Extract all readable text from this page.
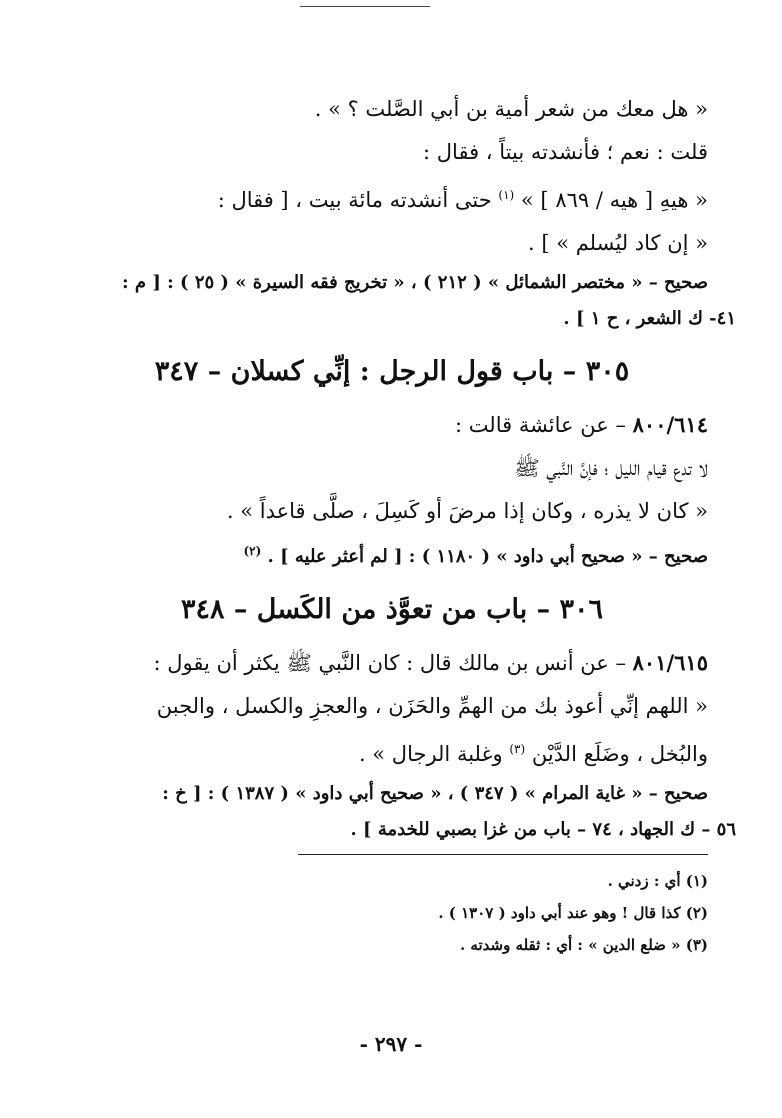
« هل معك من شعر أمية بن أبي الصَّلت ؟ » .
قلت : نعم ؛ فأنشدته بيتاً ، فقال :
« هيهِ [ هيه / ٨٦٩ ] » $^{(١)}$ حتى أنشدته مائة بيت ، [ فقال :
« إن كاد ليُسلم » ] .
صحيح – « مختصر الشمائل » ( ٢١٢ ) ، « تخريج فقه السيرة » ( ٢٥ ) : [ م :
٤١- ك الشعر ، ح ١ ] .
٣٠٥ – باب قول الرجل : إنِّي كسلان – ٣٤٧
٨٠٠/٦١٤ – عن عائشة قالت :
لا تدع قيام الليل ؛ فإنَّ النَّبي ﷺ
« كان لا يذره ، وكان إذا مرضَ أو كَسِلَ ، صلَّى قاعداً » .
صحيح – « صحيح أبي داود » ( ١١٨٠ ) : [ لم أعثر عليه ] . $^{(٢)}$
٣٠٦ – باب من تعوَّذ من الكَسل – ٣٤٨
٨٠١/٦١٥ – عن أنس بن مالك قال : كان النَّبي ﷺ يكثر أن يقول :
« اللهم إنِّي أعوذ بك من الهمِّ والحَزَن ، والعجزِ والكسل ، والجبن
والبُخل ، وضَلَع الدَّيْن $^{(٣)}$ وغلبة الرجال » .
صحيح – « غاية المرام » ( ٣٤٧ ) ، « صحيح أبي داود » ( ١٣٨٧ ) : [ خ :
٥٦ – ك الجهاد ، ٧٤ – باب من غزا بصبي للخدمة ] .
(١) أي : زدني .
(٢) كذا قال ! وهو عند أبي داود ( ١٣٠٧ ) .
(٣) « ضلع الدين » : أي : ثقله وشدته .
- ٢٩٧ -
